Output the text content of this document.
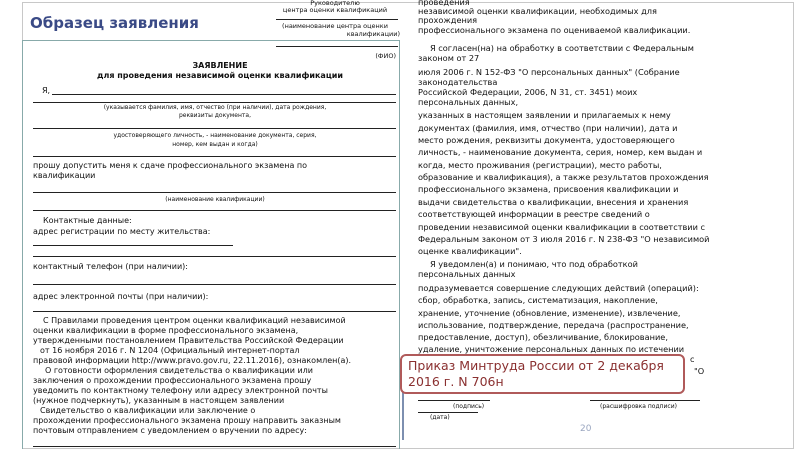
Образец заявления
Руководителю
центра оценки квалификаций
(наименование центра оценки
квалификации)
(ФИО)
ЗАЯВЛЕНИЕ
для проведения независимой оценки квалификации
Я,
(указывается фамилия, имя, отчество (при наличии), дата рождения,
реквизиты документа,
удостоверяющего личность, - наименование документа, серия,
номер, кем выдан и когда)
прошу допустить меня к сдаче профессионального экзамена по
квалификации
(наименование квалификации)
Контактные данные:
адрес регистрации по месту жительства:
контактный телефон (при наличии):
адрес электронной почты (при наличии):
С Правилами проведения центром оценки квалификаций независимой
оценки квалификации в форме профессионального экзамена,
утвержденными постановлением Правительства Российской Федерации
от 16 ноября 2016 г. N 1204 (Официальный интернет-портал
правовой информации http://www.pravo.gov.ru, 22.11.2016), ознакомлен(а).
О готовности оформления свидетельства о квалификации или
заключения о прохождении профессионального экзамена прошу
уведомить по контактному телефону или адресу электронной почты
(нужное подчеркнуть), указанным в настоящем заявлении
Свидетельство о квалификации или заключение о
прохождении профессионального экзамена прошу направить заказным
почтовым отправлением с уведомлением о вручении по адресу:
проведения
независимой оценки квалификации, необходимых для
прохождения
профессионального экзамена по оцениваемой квалификации.
Я согласен(на) на обработку в соответствии с Федеральным
законом от 27
июля 2006 г. N 152-ФЗ "О персональных данных" (Собрание
законодательства
Российской Федерации, 2006, N 31, ст. 3451) моих
персональных данных,
указанных в настоящем заявлении и прилагаемых к нему
документах (фамилия, имя, отчество (при наличии), дата и
место рождения, реквизиты документа, удостоверяющего
личность, - наименование документа, серия, номер, кем выдан и
когда, место проживания (регистрации), место работы,
образование и квалификация), а также результатов прохождения
профессионального экзамена, присвоения квалификации и
выдачи свидетельства о квалификации, внесения и хранения
соответствующей информации в реестре сведений о
проведении независимой оценки квалификации в соответствии с
Федеральным законом от 3 июля 2016 г. N 238-ФЗ "О независимой
оценке квалификации".
Я уведомлен(а) и понимаю, что под обработкой
персональных данных
подразумевается совершение следующих действий (операций):
сбор, обработка, запись, систематизация, накопление,
хранение, уточнение (обновление, изменение), извлечение,
использование, подтверждение, передача (распространение,
предоставление, доступ), обезличивание, блокирование,
удаление, уничтожение персональных данных по истечении
с
"О
(подпись)	(расшифровка подписи)
(дата)
Приказ Минтруда России от 2 декабря
2016 г. N 706н
20
